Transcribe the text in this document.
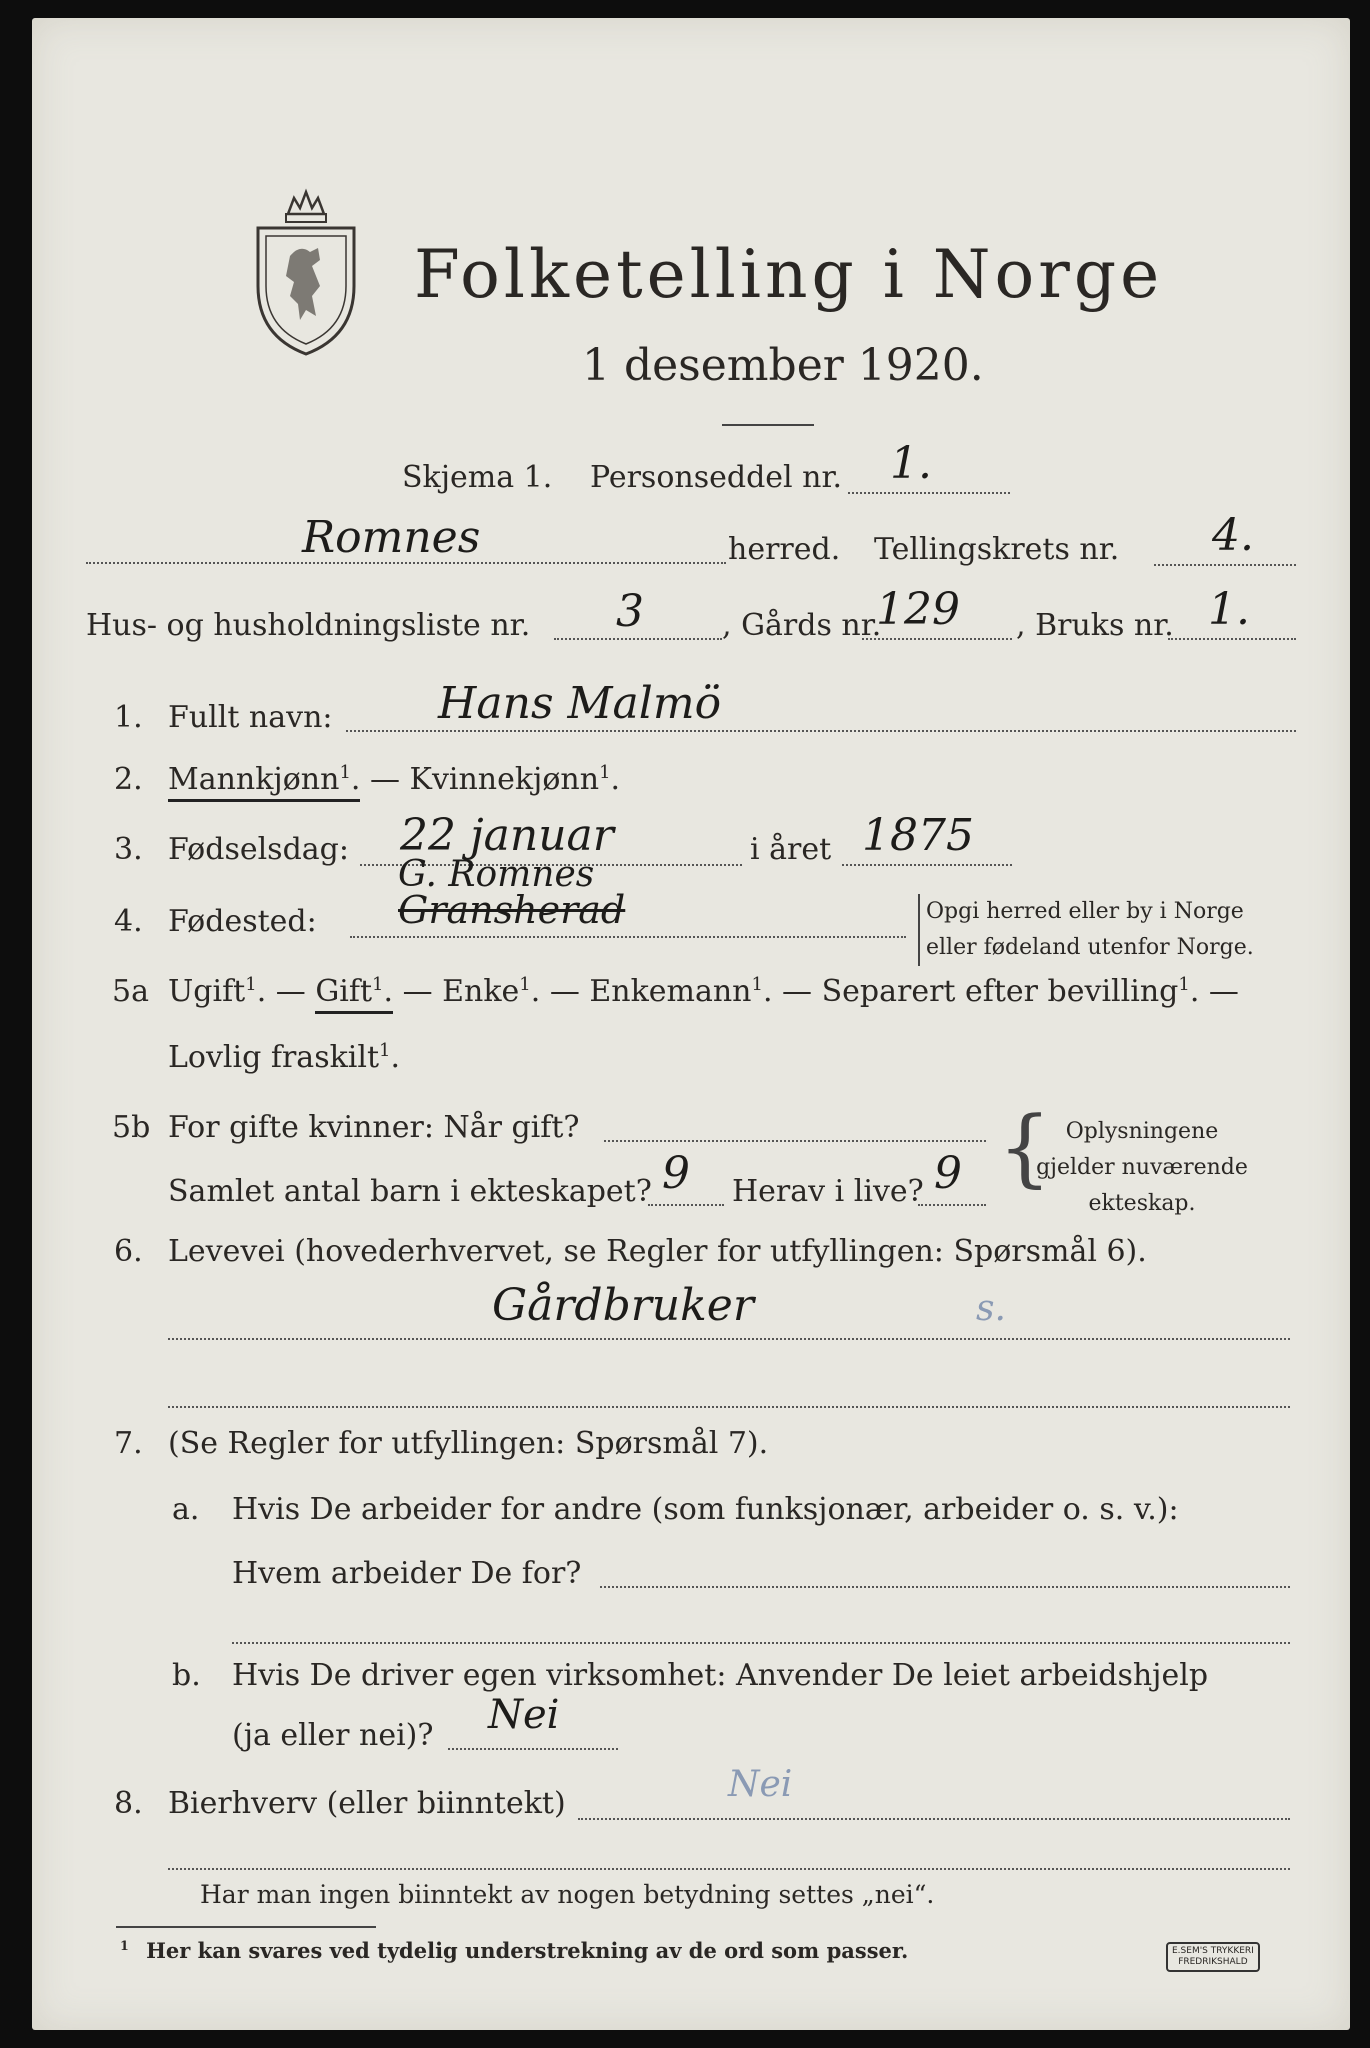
Folketelling i Norge
1 desember 1920.
Skjema 1. Personseddel nr. 1.
Romnes	herred. Tellingskrets nr. 4.
Hus- og husholdningsliste nr. 3	, Gårds nr.
129 , Bruks nr. 1.
1. Fullt navn: Hans Malmö
2. Mannkjønn$^1$. — Kvinnekjønn$^1$.
3. Fødselsdag: 22 januar	i året 1875
4. Fødested: Gransherad
G. Romnes
Opgi herred eller by i Norge
eller fødeland utenfor Norge.
5a Ugift$^1$. — Gift$^1$. — Enke$^1$. — Enkemann$^1$. — Separert efter bevilling$^1$. —
Lovlig fraskilt$^1$.
5b For gifte kvinner: Når gift?
Samlet antal barn i ekteskapet? 9 Herav i live? 9 { Oplysningene
gjelder nuværende
ekteskap.
6. Levevei (hovederhvervet, se Regler for utfyllingen: Spørsmål 6).
Gårdbruker	s.
7. (Se Regler for utfyllingen: Spørsmål 7).
a. Hvis De arbeider for andre (som funksjonær, arbeider o. s. v.):
Hvem arbeider De for?
b. Hvis De driver egen virksomhet: Anvender De leiet arbeidshjelp
(ja eller nei)? Nei
8. Bierhverv (eller biinntekt)	Nei
Har man ingen biinntekt av nogen betydning settes „nei“.
$^1$ Her kan svares ved tydelig understrekning av de ord som passer.	E.SEM'S TRYKKERI
FREDRIKSHALD
